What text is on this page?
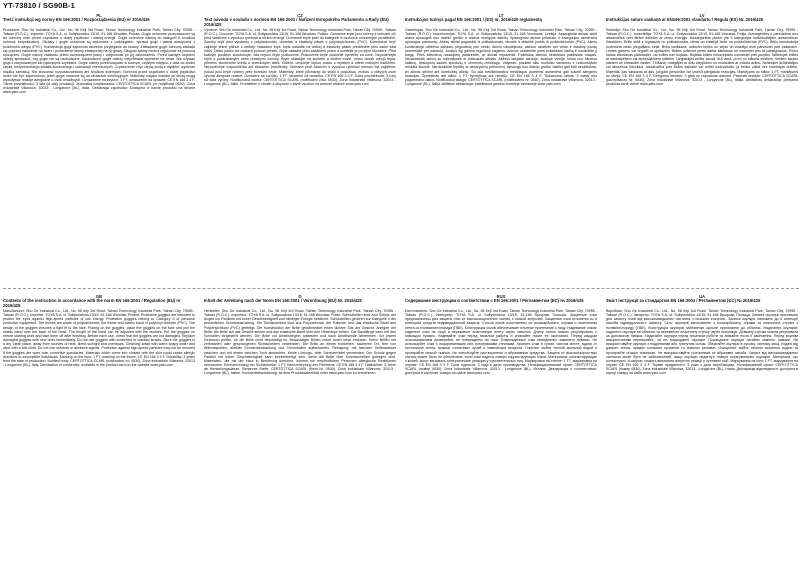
YT-73810 / SG90B-1
PL
Treść instrukcji wg normy EN 166:2001 / Rozporządzenia (EU) nr 2016/425
Producent: Shu Ge Industrial Co., Ltd., No. 96 Keji 3rd Road, Tainan Technology Industrial Park, Tainan City, 70955 - Taiwan (R.O.C.). Importer: TOYA S.A. ul. Sołtysowicka 13/15, 51-168 Wrocław, Polska. Gogle ochronne przeznaczone są do ochrony oczu przed cząstkami o dużej prędkości i niskiej energii. Gogle ochronne należą do kategorii II środków ochrony indywidualnej. Okulary i gogle ochronne są wykonane z poliwęglanu, oprawa gogli i taśma elastyczna z polichlorku winylu (PVC). Konstrukcja gogli zapewnia szczelne przyleganie do twarzy. Zakładanie gogli: ochronę zakłada się poprzez nałożenie na twarz i przełożenie taśmy elastycznej na tył głowy. Długość taśmy można regulować za pomocą sprzączek. Gogle należy zakładać przed rozpoczęciem pracy i zdejmować po jej zakończeniu. Przed każdym użyciem należy sprawdzić, czy gogle nie są uszkodzone. Uszkodzone gogle należy natychmiast wymienić na nowe. Nie używać gogli z zarysowanymi lub pękniętymi szybkami. Gogle należy przechowywać w suchym, czystym miejscu, z dala od źródeł ciepła, bezpośredniego światła słonecznego i substancji chemicznych. Czyszczenie: myć ciepłą wodą z mydłem, wycierać miękką szmatką. Nie stosować rozpuszczalników ani środków ściernych. Ochrona przed cząstkami o dużej prędkości może nie być zapewniona, jeżeli gogle noszone są na okularach korekcyjnych. Materiały mające kontakt ze skórą mogą wywoływać reakcje alergiczne u osób wrażliwych. Oznaczenie na szybce: 1 FT, oznaczenie na oprawie: CE EN 166 3 4 F. Okres przydatności: 3 lata od daty produkcji. Jednostka notyfikowana: CERTOTTICA SCARL (nr notyfikacji 0530), Zona Industriale Villanova, 32013 - Longarone (BL), Italia. Deklaracja zgodności: Dostępna w karcie produktu na stronie www.yato.com
CZ
Text návodu v souladu s normou EN 166:2001 / Nařízení Evropského Parlamentu a Rady (EU) 2016/425
Výrobce: Shu Ge Industrial Co., Ltd., No. 96 Keji 3rd Road, Tainan Technology Industrial Park, Tainan City, 70955 - Taiwan (R.O.C.). Dovozce: TOYA S.A. ul. Sołtysowicka 13/15, 51-168 Wrocław, Polsko. Ochranné brýle jsou určeny k ochraně očí před částicemi s vysokou rychlostí a nízkou energií. Ochranné brýle patří do kategorie II osobních ochranných prostředků. Zorníky brýlí jsou vyrobeny z polykarbonátu, rámeček a elastický pásek z polyvinylchloridu (PVC). Konstrukce brýlí zajišťuje těsné přilnutí k obličeji. Nasazení brýlí: brýle nasaďte na obličej a elastický pásek přetáhněte přes zadní část hlavy. Délku pásku lze nastavit pomocí přezek. Brýle nasaďte před začátkem práce a sundejte je po jejím skončení. Před každým použitím zkontrolujte, zda nejsou brýle poškozené. Poškozené brýle okamžitě vyměňte za nové. Nepoužívejte brýle s poškrábanými nebo prasklými zorníky. Brýle skladujte na suchém a čistém místě, mimo dosah zdrojů tepla, přímého slunečního světla a chemických látek. Čištění: umývejte teplou vodou s mýdlem a otřete měkkým hadříkem. Nepoužívejte rozpouštědla ani abrazivní prostředky. Ochrana proti částicím s vysokou rychlostí nemusí být zajištěna, pokud jsou brýle nošeny přes korekční brýle. Materiály, které přicházejí do styku s pokožkou, mohou u citlivých osob vyvolat alergické reakce. Označení na zorníku: 1 FT, označení na rámečku: CE EN 166 3 4 F. Doba použitelnosti: 3 roky od data výroby. Notifikovaná osoba: CERTOTTICA SCARL (notifikační číslo 0530), Zona Industriale Villanova, 32013 - Longarone (BL), Itálie. Prohlášení o shodě: k dispozici v kartě výrobku na webové stránce www.yato.com
LT
Instrukcijos turinys pagal EN 166:2001 / (ES) nr. 2016/425 reglamentą
Gamintojas: Shu Ge Industrial Co., Ltd., No. 96 Keji 3rd Road, Tainan Technology Industrial Park, Tainan City, 70955 - Taiwan (R.O.C.). Importuotojas: TOYA S.A. ul. Sołtysowicka 13/15, 51-168 Vroclavas, Lenkija. Apsauginiai akiniai skirti akims apsaugoti nuo didelio greičio ir mažos energijos dalelių. Apsauginiai akiniai priklauso II kategorijos asmeninių apsaugos priemonių. Akinių stiklai pagaminti iš polikarbonato, rėmelis ir elastinė juosta iš polivinilchlorido (PVC). Akinių konstrukcija užtikrina sandarų prigludimą prie veido. Akinių užsidėjimas: akinius uždėkite ant veido ir elastinę juostą permeskite per pakaušį. Juostos ilgį galima reguliuoti sagtimis. Akinius užsidėkite prieš pradėdami darbą ir nusiimkite jį baigę. Prieš kiekvieną naudojimą patikrinkite, ar akiniai nepažeisti. Pažeistus akinius nedelsiant pakeiskite naujais. Nenaudokite akinių su subraižytais ar įtrūkusiais stiklais. Akinius laikykite sausoje, švarioje vietoje, toliau nuo šilumos šaltinių, tiesioginių saulės spindulių ir cheminių medžiagų. Valymas: plaukite šiltu muiluotu vandeniu ir nušluostykite minkšta šluoste. Nenaudokite tirpiklių ar abrazyvinių priemonių. Apsauga nuo didelio greičio dalelių gali būti neužtikrinta, jei akiniai dėvimi ant korekcinių akinių. Su oda besiliečiančios medžiagos jautriems asmenims gali sukelti alergines reakcijas. Žymėjimas ant stiklo: 1 FT, žymėjimas ant rėmelio: CE EN 166 3 4 F. Tinkamumo laikas: 3 metai nuo pagaminimo datos. Notifikuotoji įstaiga: CERTOTTICA SCARL (notifikavimo nr. 0530), Zona Industriale Villanova, 32013 - Longarone (BL), Italija. Atitikties deklaracija: pateikiama gaminio kortelėje svetainėje www.yato.com
LV
Instrukcijas saturs saskaņā ar EN166:2001 standartu / Regula (ES) Nr. 2016/425
Ražotājs: Shu Ge Industrial Co., Ltd., No. 96 Keji 3rd Road, Tainan Technology Industrial Park, Tainan City, 70955 - Taiwan (R.O.C.). Importētājs: TOYA S.A. ul. Sołtysowicka 13/15, 51-168 Vroclava, Polija. Aizsargbrilles ir paredzētas acu aizsardzībai pret ātrām daļiņām ar zemu enerģiju. Aizsargbrilles pieder pie II kategorijas individuālajiem aizsardzības līdzekļiem. Briļļu stikli ir izgatavoti no polikarbonāta, rāmis un elastīgā lente no polivinilhlorīda (PVC). Briļļu konstrukcija nodrošina ciešu piegulšanu sejai. Briļļu uzlikšana: uzlieciet brilles uz sejas un elastīgo lenti pārvelciet pāri pakausim. Lentes garumu var regulēt ar sprādzēm. Brilles uzlieciet pirms darba sākšanas un noņemiet pēc tā pabeigšanas. Pirms katras lietošanas pārbaudiet, vai brilles nav bojātas. Bojātās brilles nekavējoties nomainiet pret jaunām. Nelietojiet brilles ar saskrāpētiem vai ieplaisājušiem stikliem. Uzglabājiet brilles sausā, tīrā vietā, prom no siltuma avotiem, tiešiem saules stariem un ķīmiskām vielām. Tīrīšana: mazgājiet ar siltu ziepjūdeni un noslaukiet ar mīkstu drānu. Nelietojiet šķīdinātājus vai abrazīvus līdzekļus. Aizsardzība pret ātrām daļiņām var netikt nodrošināta, ja brilles valkā virs korekcijas brillēm. Materiāli, kas saskaras ar ādu, jutīgām personām var izraisīt alerģiskas reakcijas. Marķējums uz stikla: 1 FT, marķējums uz rāmja: CE EN 166 3 4 F. Derīguma termiņš: 3 gadi no ražošanas datuma. Paziņotā iestāde: CERTOTTICA SCARL (paziņošanas Nr. 0530), Zona Industriale Villanova, 32013 - Longarone (BL), Itālija. Atbilstības deklarācija: pieejama produkta kartē vietnē www.yato.com
GB
Contents of the instruction in accordance with the norm EN 166:2001 / Regulation (EU) nr 2016/425
Manufacturer: Shu Ge Industrial Co., Ltd., No. 96 Keji 3rd Road, Tainan Technology Industrial Park, Tainan City, 70955 - Taiwan (R.O.C.). Importer: TOYA S.A. ul. Sołtysowicka 13/15, 51-168 Wrocław, Poland. Protective goggles are intended to protect the eyes against high-speed particles of low energy. Protective goggles belong to Category II of personal protective equipment. The lenses are made of polycarbonate, the frame and elastic band of polyvinyl chloride (PVC). The design of the goggles ensures a tight fit to the face. Putting on the goggles: place the goggles on the face and pull the elastic band over the back of the head. The length of the band can be adjusted with the buckles. Put the goggles on before starting work and take them off after finishing. Before each use, check that the goggles are not damaged. Replace damaged goggles with new ones immediately. Do not use goggles with scratched or cracked lenses. Store the goggles in a dry, clean place, away from sources of heat, direct sunlight and chemicals. Cleaning: wash with warm soapy water and wipe with a soft cloth. Do not use solvents or abrasive agents. Protection against high-speed particles may not be ensured if the goggles are worn over corrective spectacles. Materials which come into contact with the skin could cause allergic reactions to susceptible individuals. Marking on the lens: 1 FT, marking on the frame: CE EN 166 3 4 F. Durability: 3 years from the date of production. Notified body: CERTOTTICA SCARL (notification no. 0530), Zona Industriale Villanova, 32013 - Longarone (BL), Italy. Declaration of conformity: available in the product card on the website www.yato.com
D
Inhalt der Anleitung nach der Norm EN 166:2001 / Verordnung (EU) Nr. 2016/425
Hersteller: Shu Ge Industrial Co., Ltd., No. 96 Keji 3rd Road, Tainan Technology Industrial Park, Tainan City, 70955 - Taiwan (R.O.C.). Importeur: TOYA S.A. ul. Sołtysowicka 13/15, 51-168 Wrocław, Polen. Schutzbrillen sind zum Schutz der Augen vor Partikeln mit hoher Geschwindigkeit und niedriger Energie bestimmt. Schutzbrillen gehören zur Kategorie II der persönlichen Schutzausrüstung. Die Sichtscheiben sind aus Polycarbonat, der Rahmen und das elastische Band aus Polyvinylchlorid (PVC) gefertigt. Die Konstruktion der Brille gewährleistet einen dichten Sitz am Gesicht. Anlegen der Brille: die Brille auf das Gesicht setzen und das elastische Band über den Hinterkopf ziehen. Die Bandlänge kann mit den Schnallen eingestellt werden. Die Brille vor Arbeitsbeginn aufsetzen und nach Arbeitsende abnehmen. Vor jedem Gebrauch prüfen, ob die Brille nicht beschädigt ist. Beschädigte Brillen sofort durch neue ersetzen. Keine Brillen mit zerkratzten oder gesprungenen Sichtscheiben verwenden. Die Brille an einem trockenen, sauberen Ort, fern von Wärmequellen, direkter Sonneneinstrahlung und Chemikalien aufbewahren. Reinigung: mit warmem Seifenwasser waschen und mit einem weichen Tuch abwischen. Keine Lösungs- oder Scheuermittel verwenden. Der Schutz gegen Partikel mit hoher Geschwindigkeit kann beeinträchtigt sein, wenn die Brille über Korrekturbrillen getragen wird. Materialien, die mit der Haut in Berührung kommen, können bei empfindlichen Personen allergische Reaktionen hervorrufen. Kennzeichnung der Sichtscheibe: 1 FT, Kennzeichnung des Rahmens: CE EN 166 3 4 F. Haltbarkeit: 3 Jahre ab Herstellungsdatum. Benannte Stelle: CERTOTTICA SCARL (Kenn-Nr. 0530), Zona Industriale Villanova, 32013 - Longarone (BL), Italien. Konformitätserklärung: ist dem Produktdatenblatt unter www.yato.com zu entnehmen.
RUS
Содержание инструкции в соответствии с EN 166:2001 / Регламентом (ЕС) № 2016/425
Изготовитель: Shu Ge Industrial Co., Ltd., No. 96 Keji 3rd Road, Tainan Technology Industrial Park, Tainan City, 70955 - Taiwan (R.O.C.). Импортер: TOYA S.A. ul. Sołtysowicka 13/15, 51-168 Вроцлав, Польша. Защитные очки предназначены для защиты глаз от высокоскоростных частиц с низкой энергией. Защитные очки относятся ко II категории средств индивидуальной защиты. Стекла очков изготовлены из поликарбоната, оправа и эластичная лента из поливинилхлорида (ПВХ). Конструкция очков обеспечивает плотное прилегание к лицу. Надевание очков: наденьте очки на лицо и перекиньте эластичную ленту через затылок. Длину ленты можно регулировать с помощью пряжек. Надевайте очки перед началом работы и снимайте после ее окончания. Перед каждым использованием проверяйте, не повреждены ли очки. Поврежденные очки немедленно замените новыми. Не используйте очки с поцарапанными или треснувшими стеклами. Храните очки в сухом, чистом месте, вдали от источников тепла, прямых солнечных лучей и химических веществ. Очистка: мойте теплой мыльной водой и протирайте мягкой тканью. Не используйте растворители и абразивные средства. Защита от высокоскоростных частиц может быть не обеспечена, если очки надеты поверх корректирующих очков. Материалы, контактирующие с кожей, могут вызывать аллергические реакции у чувствительных лиц. Маркировка на стекле: 1 FT, маркировка на оправе: CE EN 166 3 4 F. Срок годности: 3 года с даты производства. Нотифицированный орган: CERTOTTICA SCARL (номер 0530), Zona Industriale Villanova, 32013 - Longarone (BL), Италия. Декларация о соответствии: доступна в карточке товара на сайте www.yato.com
UA
Зміст інструкції за стандартом EN 166:2001 / Регламентом (ЄС) № 2016/425
Виробник: Shu Ge Industrial Co., Ltd., No. 96 Keji 3rd Road, Tainan Technology Industrial Park, Tainan City, 70955 - Taiwan (R.O.C.). Імпортер: TOYA S.A. ul. Sołtysowicka 13/15, 51-168 Вроцлав, Польща. Захисні окуляри призначені для захисту очей від високошвидкісних частинок з низькою енергією. Захисні окуляри належать до II категорії засобів індивідуального захисту. Скло окулярів виготовлене з полікарбонату, оправа та еластична стрічка з полівінілхлориду (ПВХ). Конструкція окулярів забезпечує щільне прилягання до обличчя. Надягання окулярів: надягніть окуляри на обличчя та перекиньте еластичну стрічку через потилицю. Довжину стрічки можна регулювати за допомогою пряжок. Надягайте окуляри перед початком роботи та знімайте після її закінчення. Перед кожним використанням перевіряйте, чи не пошкоджені окуляри. Пошкоджені окуляри негайно замініть новими. Не використовуйте окуляри з подряпаним або тріснутим склом. Зберігайте окуляри в сухому, чистому місці, подалі від джерел тепла, прямих сонячних променів та хімічних речовин. Очищення: мийте теплою мильною водою та протирайте м'якою тканиною. Не використовуйте розчинники та абразивні засоби. Захист від високошвидкісних частинок може бути не забезпечений, якщо окуляри надягнуті поверх коригувальних окулярів. Матеріали, що контактують зі шкірою, можуть викликати алергічні реакції у чутливих осіб. Маркування на склі: 1 FT, маркування на оправі: CE EN 166 3 4 F. Термін придатності: 3 роки з дати виробництва. Нотифікований орган: CERTOTTICA SCARL (номер 0530), Zona Industriale Villanova, 32013 - Longarone (BL), Італія. Декларація відповідності: доступна в картці товару на сайті www.yato.com
